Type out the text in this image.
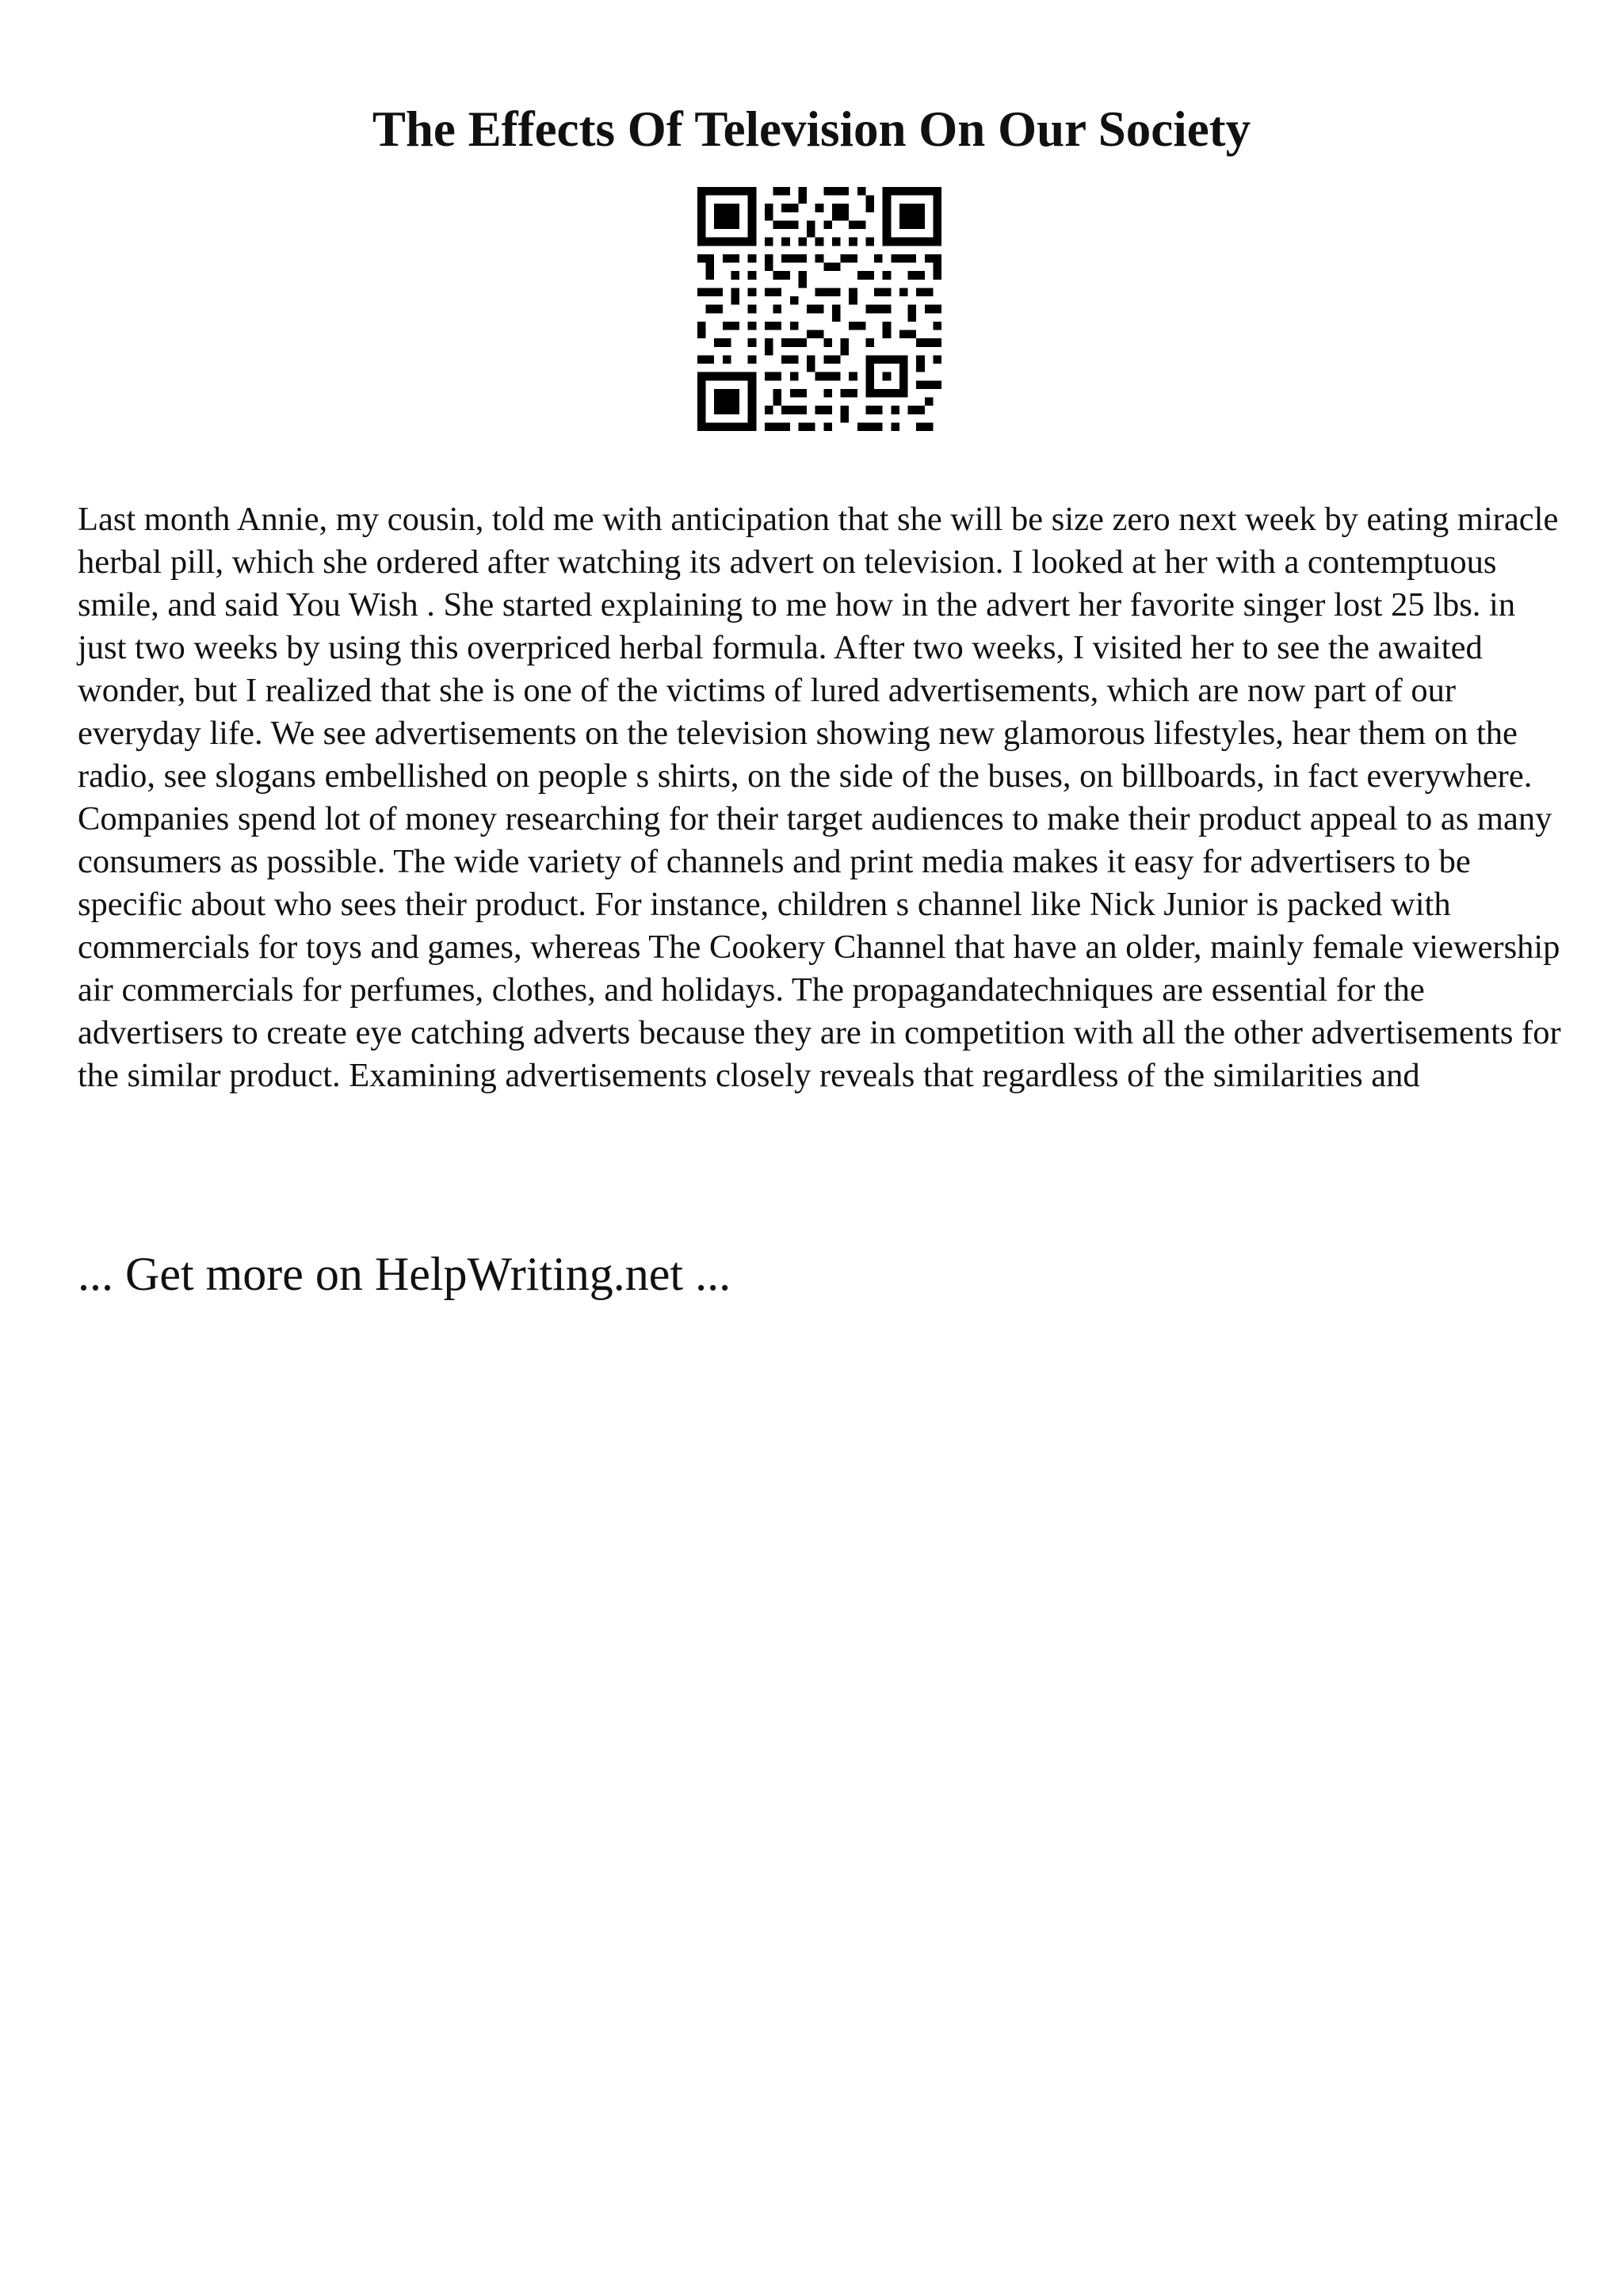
The Effects Of Television On Our Society

Last month Annie, my cousin, told me with anticipation that she will be size zero next week by eating miracle herbal pill, which she ordered after watching its advert on television. I looked at her with a contemptuous smile, and said You Wish . She started explaining to me how in the advert her favorite singer lost 25 lbs. in just two weeks by using this overpriced herbal formula. After two weeks, I visited her to see the awaited wonder, but I realized that she is one of the victims of lured advertisements, which are now part of our everyday life. We see advertisements on the television showing new glamorous lifestyles, hear them on the radio, see slogans embellished on people s shirts, on the side of the buses, on billboards, in fact everywhere. Companies spend lot of money researching for their target audiences to make their product appeal to as many consumers as possible. The wide variety of channels and print media makes it easy for advertisers to be specific about who sees their product. For instance, children s channel like Nick Junior is packed with commercials for toys and games, whereas The Cookery Channel that have an older, mainly female viewership air commercials for perfumes, clothes, and holidays. The propagandatechniques are essential for the advertisers to create eye catching adverts because they are in competition with all the other advertisements for the similar product. Examining advertisements closely reveals that regardless of the similarities and

... Get more on HelpWriting.net ...
